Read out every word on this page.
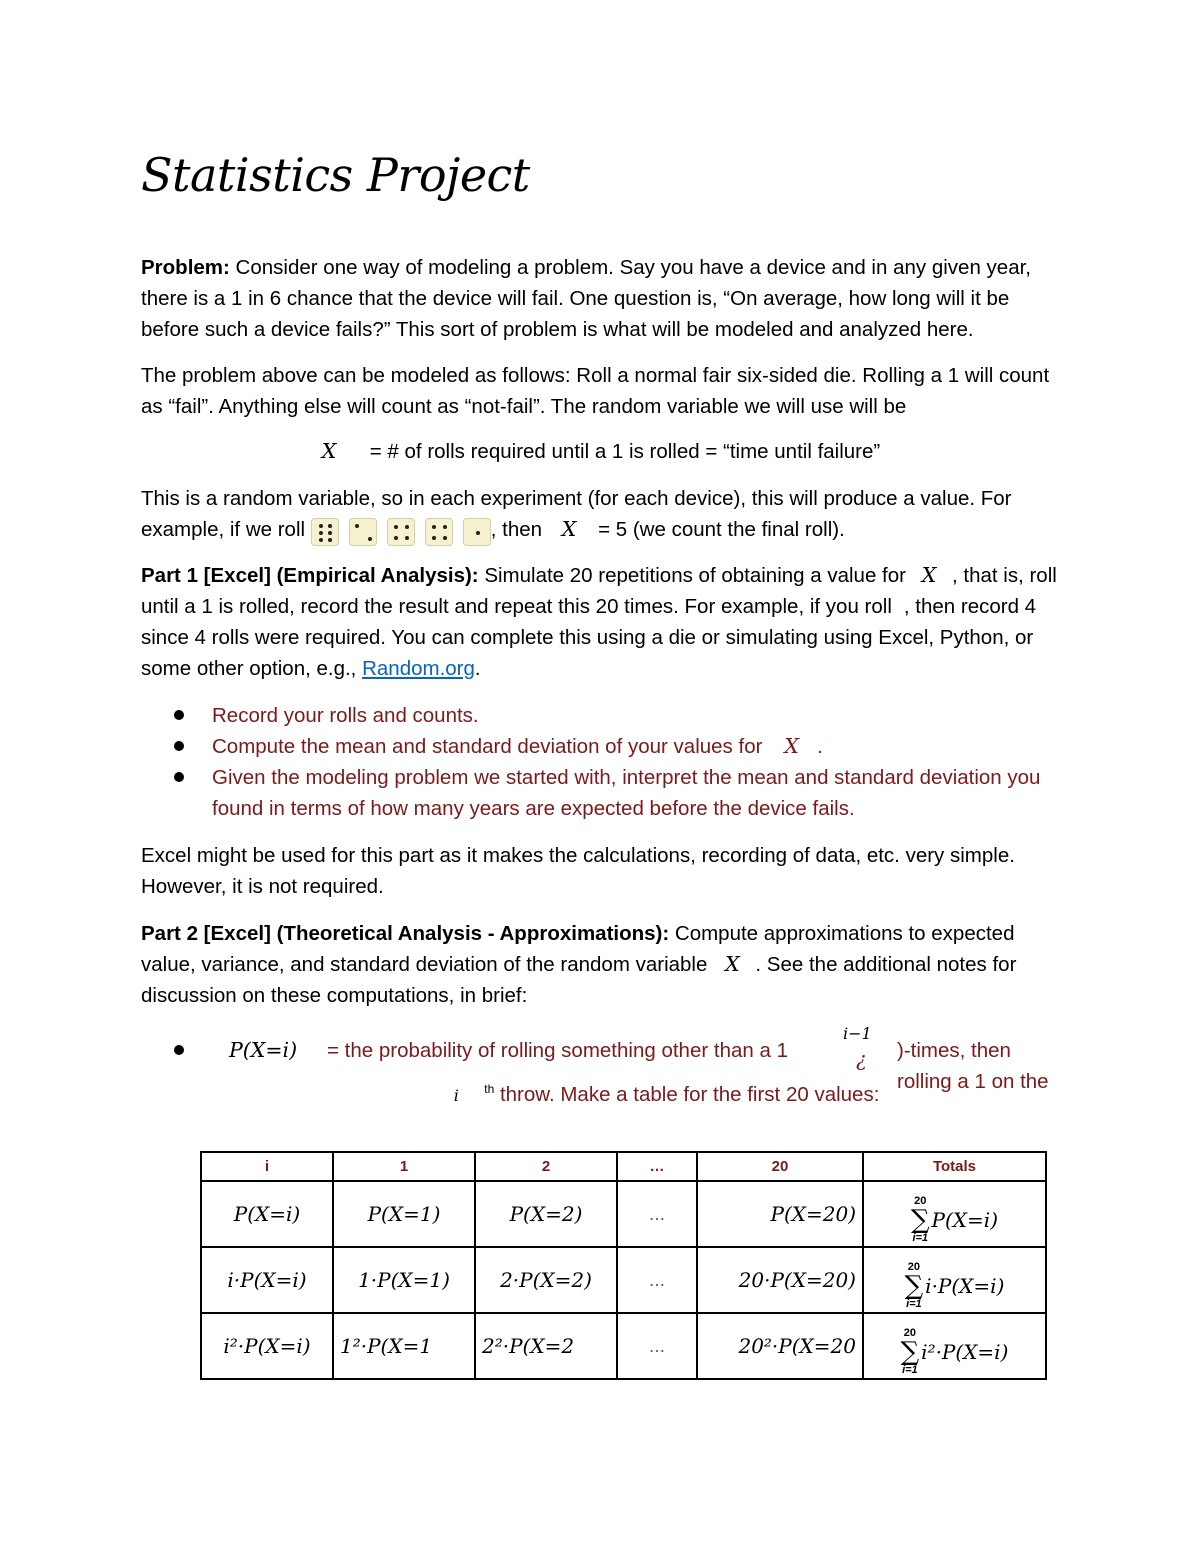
Statistics Project

Problem: Consider one way of modeling a problem. Say you have a device and in any given year, there is a 1 in 6 chance that the device will fail. One question is, “On average, how long will it be before such a device fails?” This sort of problem is what will be modeled and analyzed here.

The problem above can be modeled as follows: Roll a normal fair six-sided die. Rolling a 1 will count as “fail”. Anything else will count as “not-fail”. The random variable we will use will be

X = # of rolls required until a 1 is rolled = “time until failure”

This is a random variable, so in each experiment (for each device), this will produce a value. For example, if we roll	, then X = 5 (we count the final roll).

Part 1 [Excel] (Empirical Analysis): Simulate 20 repetitions of obtaining a value for X , that is, roll until a 1 is rolled, record the result and repeat this 20 times. For example, if you roll , then record 4 since 4 rolls were required. You can complete this using a die or simulating using Excel, Python, or some other option, e.g., Random.org.

Record your rolls and counts.
Compute the mean and standard deviation of your values for X .
Given the modeling problem we started with, interpret the mean and standard deviation you found in terms of how many years are expected before the device fails.

Excel might be used for this part as it makes the calculations, recording of data, etc. very simple. However, it is not required.

Part 2 [Excel] (Theoretical Analysis - Approximations): Compute approximations to expected value, variance, and standard deviation of the random variable X . See the additional notes for discussion on these computations, in brief:

P(X=i) = the probability of rolling something other than a 1
i−1
¿ )-times, then rolling a 1 on the
i $^{th}$ throw. Make a table for the first 20 values:
i	1	2	…	20	Totals
P(X=i)	P(X=1)	P(X=2)	…	P(X=20)	20
∑
i=1
P(X=i)

i·P(X=i)	1·P(X=1)	2·P(X=2)	…	20·P(X=20)	20
∑
i=1
i·P(X=i)

i²·P(X=i)	1²·P(X=1	2²·P(X=2	…	20²·P(X=20	20
∑
i=1
i²·P(X=i)
